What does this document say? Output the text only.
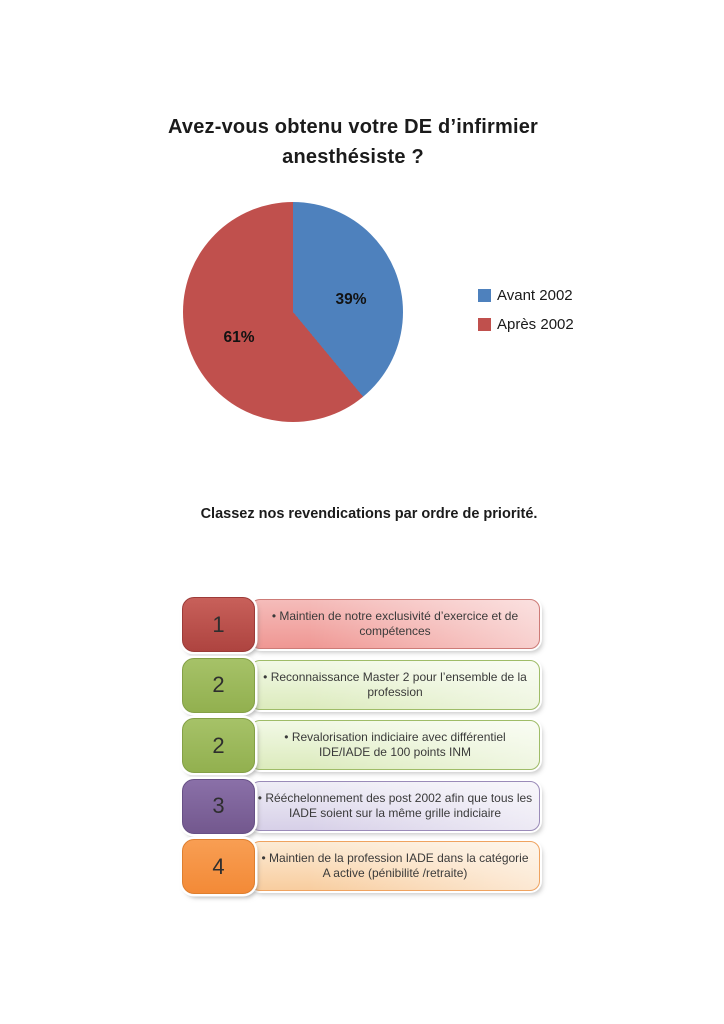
Avez-vous obtenu votre DE d’infirmier anesthésiste ?
39%
61%
Avant 2002
Après 2002
Classez nos revendications par ordre de priorité.
1	• Maintien de notre exclusivité d’exercice et de compétences
2	• Reconnaissance Master 2 pour l’ensemble de la profession
2	• Revalorisation indiciaire avec différentiel IDE/IADE de 100 points INM
3	• Rééchelonnement des post 2002 afin que tous les IADE soient sur la même grille indiciaire
4	• Maintien de la profession IADE dans la catégorie A active (pénibilité /retraite)
